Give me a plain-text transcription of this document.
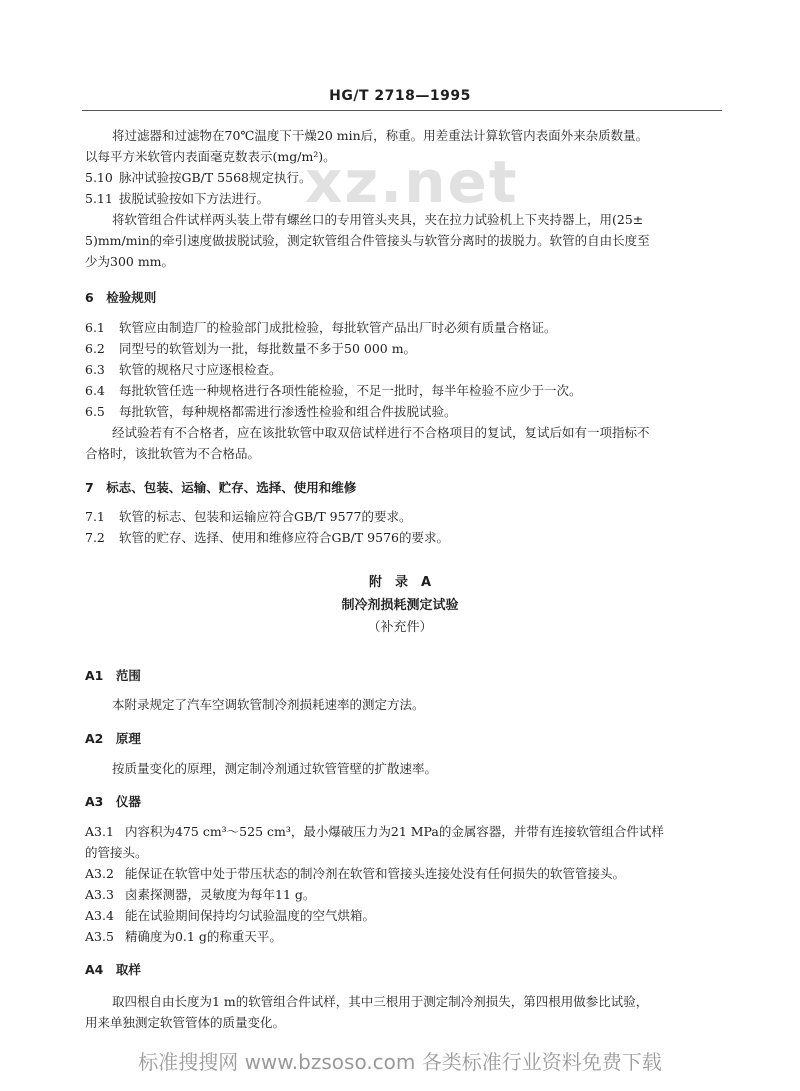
xz.net
HG/T 2718—1995
将过滤器和过滤物在70℃温度下干燥20 min后，称重。用差重法计算软管内表面外来杂质数量。
以每平方米软管内表面毫克数表示(mg/m²)。
5.10 脉冲试验按GB/T 5568规定执行。
5.11 拔脱试验按如下方法进行。
将软管组合件试样两头装上带有螺丝口的专用管头夹具，夹在拉力试验机上下夹持器上，用(25±
5)mm/min的牵引速度做拔脱试验，测定软管组合件管接头与软管分离时的拔脱力。软管的自由长度至
少为300 mm。
6　检验规则
6.1 软管应由制造厂的检验部门成批检验，每批软管产品出厂时必须有质量合格证。
6.2 同型号的软管划为一批，每批数量不多于50 000 m。
6.3 软管的规格尺寸应逐根检查。
6.4 每批软管任选一种规格进行各项性能检验，不足一批时，每半年检验不应少于一次。
6.5 每批软管，每种规格都需进行渗透性检验和组合件拔脱试验。
经试验若有不合格者，应在该批软管中取双倍试样进行不合格项目的复试，复试后如有一项指标不
合格时，该批软管为不合格品。
7　标志、包装、运输、贮存、选择、使用和维修
7.1 软管的标志、包装和运输应符合GB/T 9577的要求。
7.2 软管的贮存、选择、使用和维修应符合GB/T 9576的要求。
附　录　A
制冷剂损耗测定试验
（补充件）
A1　范围
本附录规定了汽车空调软管制冷剂损耗速率的测定方法。
A2　原理
按质量变化的原理，测定制冷剂通过软管管壁的扩散速率。
A3　仪器
A3.1 内容积为475 cm³～525 cm³，最小爆破压力为21 MPa的金属容器，并带有连接软管组合件试样
的管接头。
A3.2 能保证在软管中处于带压状态的制冷剂在软管和管接头连接处没有任何损失的软管管接头。
A3.3 卤素探测器，灵敏度为每年11 g。
A3.4 能在试验期间保持均匀试验温度的空气烘箱。
A3.5 精确度为0.1 g的称重天平。
A4　取样
取四根自由长度为1 m的软管组合件试样，其中三根用于测定制冷剂损失，第四根用做参比试验，
用来单独测定软管管体的质量变化。
标准搜搜网 www.bzsoso.com 各类标准行业资料免费下载
